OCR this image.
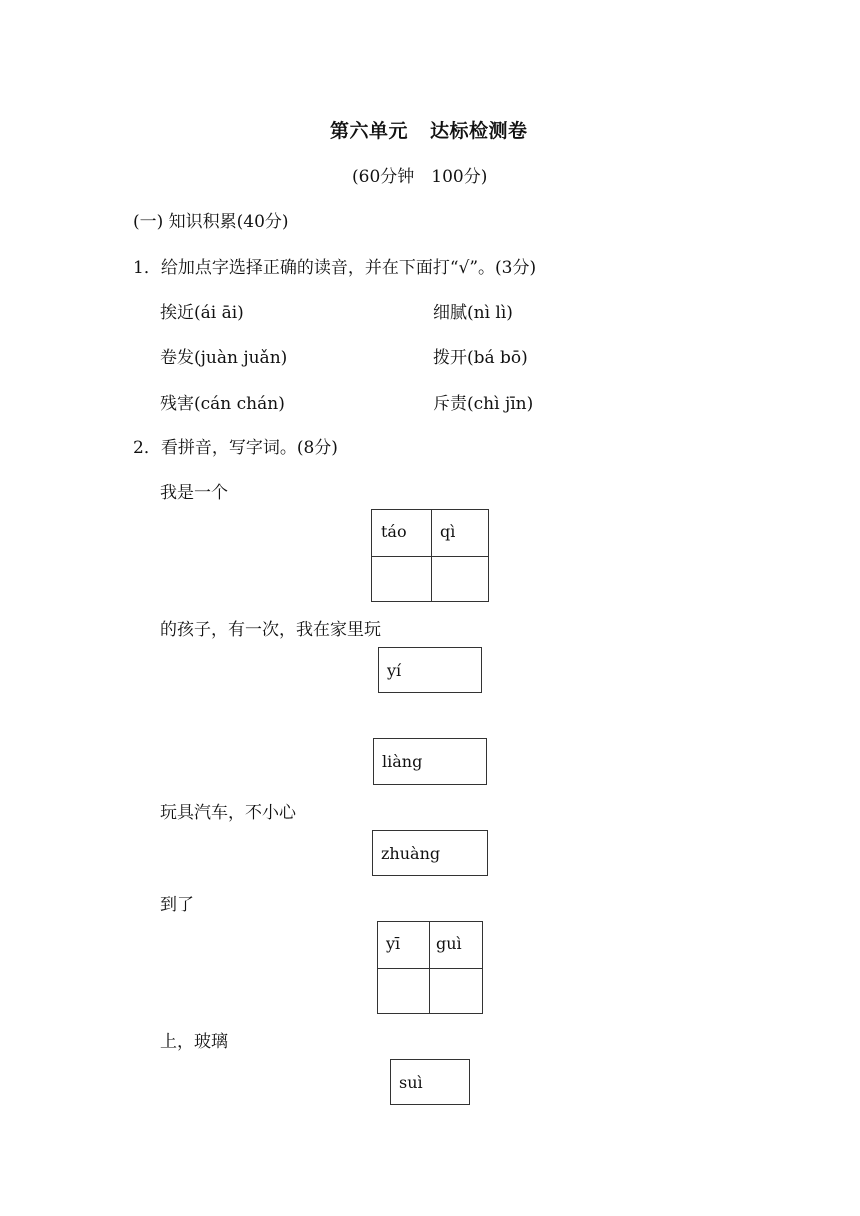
第六单元 达标检测卷
(60分钟　100分)
(一) 知识积累(40分)
1．给加点字选择正确的读音，并在下面打“√”。(3分)
挨近(ái āi)	细腻(nì lì)
卷发(juàn juǎn)	拨开(bá bō)
残害(cán chán)	斥责(chì jīn)
2．看拼音，写字词。(8分)
我是一个
táo	qì
的孩子，有一次，我在家里玩
yí
liàng
玩具汽车，不小心
zhuàng
到了
yī	guì
上，玻璃
suì
